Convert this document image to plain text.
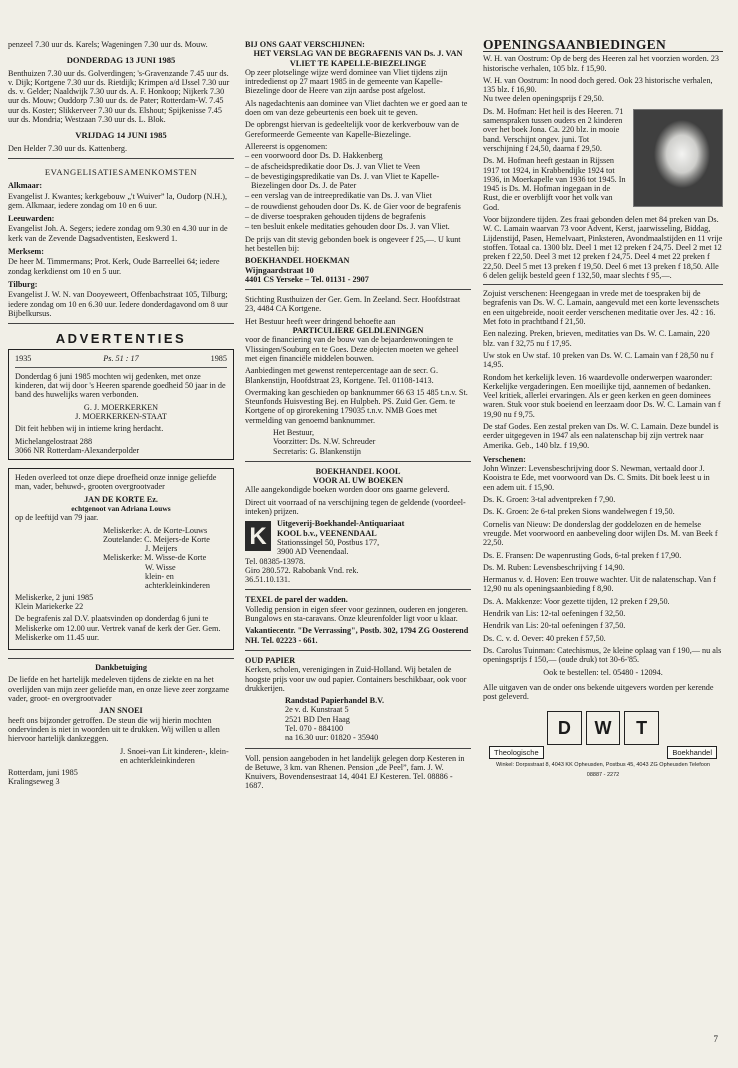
penzeel 7.30 uur ds. Karels; Wageningen 7.30 uur ds. Mouw.

DONDERDAG 13 JUNI 1985

Benthuizen 7.30 uur ds. Golverdingen; 's-Gravenzande 7.45 uur ds. v. Dijk; Kortgene 7.30 uur ds. Rietdijk; Krimpen a/d IJssel 7.30 uur ds. v. Gelder; Naaldwijk 7.30 uur ds. A. F. Honkoop; Nijkerk 7.30 uur ds. Mouw; Ouddorp 7.30 uur ds. de Pater; Rotterdam-W. 7.45 uur ds. Koster; Slikkerveer 7.30 uur ds. Elshout; Spijkenisse 7.45 uur ds. Mondria; Westzaan 7.30 uur ds. L. Blok.

VRIJDAG 14 JUNI 1985

Den Helder 7.30 uur ds. Kattenberg.

EVANGELISATIESAMENKOMSTEN
Alkmaar:

Evangelist J. Kwantes; kerkgebouw „'t Wuiver” la, Oudorp (N.H.), gem. Alkmaar, iedere zondag om 10 en 6 uur.

Leeuwarden:

Evangelist Joh. A. Segers; iedere zondag om 9.30 en 4.30 uur in de kerk van de Zevende Dagsadventisten, Eeskwerd 1.

Merksem:

De heer M. Timmermans; Prot. Kerk, Oude Barreellei 64; iedere zondag kerkdienst om 10 en 5 uur.

Tilburg:

Evangelist J. W. N. van Dooyeweert, Offenbachstraat 105, Tilburg; iedere zondag om 10 en 6.30 uur. Iedere donderdagavond om 8 uur Bijbelkursus.

ADVERTENTIES
1935	Ps. 51 : 17	1985

Donderdag 6 juni 1985 mochten wij gedenken, met onze kinderen, dat wij door 's Heeren sparende goedheid 50 jaar in de band des huwelijks waren verbonden.

G. J. MOERKERKEN
J. MOERKERKEN-STAAT

Dit feit hebben wij in intieme kring herdacht.

Michelangelostraat 288
3066 NR Rotterdam-Alexanderpolder

Heden overleed tot onze diepe droefheid onze innige geliefde man, vader, behuwd-, grooten overgrootvader

JAN DE KORTE Ez.
echtgenoot van Adriana Louws

op de leeftijd van 79 jaar.

Meliskerke: A. de Korte-Louws
Zoutelande: C. Meijers-de Korte
J. Meijers
Meliskerke: M. Wisse-de Korte
W. Wisse
klein- en achterkleinkinderen
Meliskerke, 2 juni 1985
Klein Mariekerke 22

De begrafenis zal D.V. plaatsvinden op donderdag 6 juni te Meliskerke om 12.00 uur. Vertrek vanaf de kerk der Ger. Gem. Meliskerke om 11.45 uur.

Dankbetuiging

De liefde en het hartelijk medeleven tijdens de ziekte en na het overlijden van mijn zeer geliefde man, en onze lieve zeer zorgzame vader, groot- en overgrootvader

JAN SNOEI

heeft ons bijzonder getroffen. De steun die wij hierin mochten ondervinden is niet in woorden uit te drukken. Wij willen u allen hiervoor hartelijk dankzeggen.

J. Snoei-van Lit kinderen-, klein- en achterkleinkinderen
Rotterdam, juni 1985
Kralingseweg 3
BIJ ONS GAAT VERSCHIJNEN:
HET VERSLAG VAN DE BEGRAFENIS VAN Ds. J. VAN VLIET TE KAPELLE-BIEZELINGE

Op zeer plotselinge wijze werd dominee van Vliet tijdens zijn intrededienst op 27 maart 1985 in de gemeente van Kapelle-Biezelinge door de Heere van zijn aardse post afgelost.

Als nagedachtenis aan dominee van Vliet dachten we er goed aan te doen om van deze gebeurtenis een boek uit te geven.

De opbrengst hiervan is gedeeltelijk voor de kerkverbouw van de Gereformeerde Gemeente van Kapelle-Biezelinge.

Allereerst is opgenomen:
– een voorwoord door Ds. D. Hakkenberg
– de afscheidspredikatie door Ds. J. van Vliet te Veen
– de bevestigingspredikatie van Ds. J. van Vliet te Kapelle-Biezelingen door Ds. J. de Pater
– een verslag van de intreepredikatie van Ds. J. van Vliet
– de rouwdienst gehouden door Ds. K. de Gier voor de begrafenis
– de diverse toespraken gehouden tijdens de begrafenis
– ten besluit enkele meditaties gehouden door Ds. J. van Vliet.

De prijs van dit stevig gebonden boek is ongeveer f 25,—. U kunt het bestellen bij:

BOEKHANDEL HOEKMAN
Wijngaardstraat 10
4401 CS Yerseke – Tel. 01131 - 2907

Stichting Rusthuizen der Ger. Gem. In Zeeland. Secr. Hoofdstraat 23, 4484 CA Kortgene.

Het Bestuur heeft weer dringend behoefte aan
PARTICULIERE GELDLENINGEN

voor de financiering van de bouw van de bejaardenwoningen te Vlissingen/Souburg en te Goes. Deze objecten moeten we geheel met eigen financiële middelen bouwen.

Aanbiedingen met gewenst rentepercentage aan de secr. G. Blankenstijn, Hoofdstraat 23, Kortgene. Tel. 01108-1413.

Overmaking kan geschieden op banknummer 66 63 15 485 t.n.v. St. Steunfonds Huisvesting Bej. en Hulpbeh. PS. Zuid Ger. Gem. te Kortgene of op girorekening 179035 t.n.v. NMB Goes met vermelding van genoemd banknummer.

Het Bestuur,
Voorzitter: Ds. N.W. Schreuder
Secretaris: G. Blankenstijn
BOEKHANDEL KOOL
VOOR AL UW BOEKEN

Alle aangekondigde boeken worden door ons gaarne geleverd.

Direct uit voorraad of na verschijning tegen de geldende (voordeel-inteken) prijzen.

K	Uitgeverij-Boekhandel-Antiquariaat
KOOL b.v., VEENENDAAL
Stationssingel 50, Postbus 177,
3900 AD Veenendaal.
Tel. 08385-13978.
Giro 280.572. Rabobank Vnd. rek.
36.51.10.131.
TEXEL de parel der wadden.

Volledig pension in eigen sfeer voor gezinnen, ouderen en jongeren. Bungalows en sta-caravans. Onze kleurenfolder ligt voor u klaar.

Vakantiecentr. "De Verrassing", Postb. 302, 1794 ZG Oosterend NH. Tel. 02223 - 661.

OUD PAPIER

Kerken, scholen, verenigingen in Zuid-Holland. Wij betalen de hoogste prijs voor uw oud papier. Containers beschikbaar, ook voor drukkerijen.

Randstad Papierhandel B.V.
2e v. d. Kunstraat 5
2521 BD Den Haag
Tel. 070 - 884100
na 16.30 uur: 01820 - 35940

Voll. pension aangeboden in het landelijk gelegen dorp Kesteren in de Betuwe, 3 km. van Rhenen. Pension „de Peel”, fam. J. W. Knuivers, Bovendensestraat 14, 4041 EJ Kesteren. Tel. 08886 - 1687.

OPENINGSAANBIEDINGEN

W. H. van Oostrum: Op de berg des Heeren zal het voorzien worden. 23 historische verhalen, 105 blz. f 15,90.

W. H. van Oostrum: In nood doch gered. Ook 23 historische verhalen, 135 blz. f 16,90.

Nu twee delen openingsprijs f 29,50.

Ds. M. Hofman: Het heil is des Heeren. 71 samenspraken tussen ouders en 2 kinderen over het boek Jona. Ca. 220 blz. in mooie band. Verschijnt ongev. juni. Tot verschijning f 24,50, daarna f 29,50.

Ds. M. Hofman heeft gestaan in Rijssen 1917 tot 1924, in Krabbendijke 1924 tot 1936, in Moerkapelle van 1936 tot 1945. In 1945 is Ds. M. Hofman ingegaan in de Rust, die er overblijft voor het volk van God.

Voor bijzondere tijden. Zes fraai gebonden delen met 84 preken van Ds. W. C. Lamain waarvan 73 voor Advent, Kerst, jaarwisseling, Biddag, Lijdenstijd, Pasen, Hemelvaart, Pinksteren, Avondmaalstijden en 11 vrije stoffen. Totaal ca. 1300 blz. Deel 1 met 12 preken f 24,75. Deel 2 met 12 preken f 22,50. Deel 3 met 12 preken f 24,75. Deel 4 met 22 preken f 22,50. Deel 5 met 13 preken f 19,50. Deel 6 met 13 preken f 18,50. Alle 6 delen gelijk besteld geen f 132,50, maar slechts f 95,—.

Zojuist verschenen: Heengegaan in vrede met de toespraken bij de begrafenis van Ds. W. C. Lamain, aangevuld met een korte levensschets en een uitgebreide, nooit eerder verschenen meditatie over Jes. 42 : 16. Met foto in prachtband f 21,50.

Een nalezing. Preken, brieven, meditaties van Ds. W. C. Lamain, 220 blz. van f 32,75 nu f 17,95.

Uw stok en Uw staf. 10 preken van Ds. W. C. Lamain van f 28,50 nu f 14,95.

Rondom het kerkelijk leven. 16 waardevolle onderwerpen waaronder: Kerkelijke vergaderingen. Een moeilijke tijd, aannemen of bedanken. Veel kritiek, allerlei ervaringen. Als er geen kerken en geen dominees waren. Stuk voor stuk boeiend en leerzaam door Ds. W. C. Lamain van f 19,90 nu f 9,75.

De staf Godes. Een zestal preken van Ds. W. C. Lamain. Deze bundel is eerder uitgegeven in 1947 als een nalatenschap bij zijn vertrek naar Amerika. Geb., 140 blz. f 19,90.

Verschenen:
John Winzer: Levensbeschrijving door S. Newman, vertaald door J. Kooistra te Ede, met voorwoord van Ds. C. Smits. Dit boek leest u in een adem uit. f 15,90.
Ds. K. Groen: 3-tal adventpreken f 7,90.
Ds. K. Groen: 2e 6-tal preken Sions wandelwegen f 19,50.
Cornelis van Nieuw: De donderslag der goddelozen en de hemelse vreugde. Met voorwoord en aanbeveling door wijlen Ds. M. van Beek f 22,50.
Ds. E. Fransen: De wapenrusting Gods, 6-tal preken f 17,90.
Ds. M. Ruben: Levensbeschrijving f 14,90.
Hermanus v. d. Hoven: Een trouwe wachter. Uit de nalatenschap. Van f 12,90 nu als openingsaanbieding f 8,90.
Ds. A. Makkenze: Voor gezette tijden, 12 preken f 29,50.
Hendrik van Lis: 12-tal oefeningen f 32,50.
Hendrik van Lis: 20-tal oefeningen f 37,50.
Ds. C. v. d. Oever: 40 preken f 57,50.
Ds. Carolus Tuinman: Catechismus, 2e kleine oplaag van f 190,— nu als openingsprijs f 150,— (oude druk) tot 30-6-'85.
Ook te bestellen: tel. 05480 - 12094.

Alle uitgaven van de onder ons bekende uitgevers worden per kerende post geleverd.

D	W	T
Theologische	Boekhandel
Winkel: Dorpsstraat 8, 4043 KK Opheusden, Postbus 45, 4043 ZG Opheusden Telefoon 08887 - 2272
7
